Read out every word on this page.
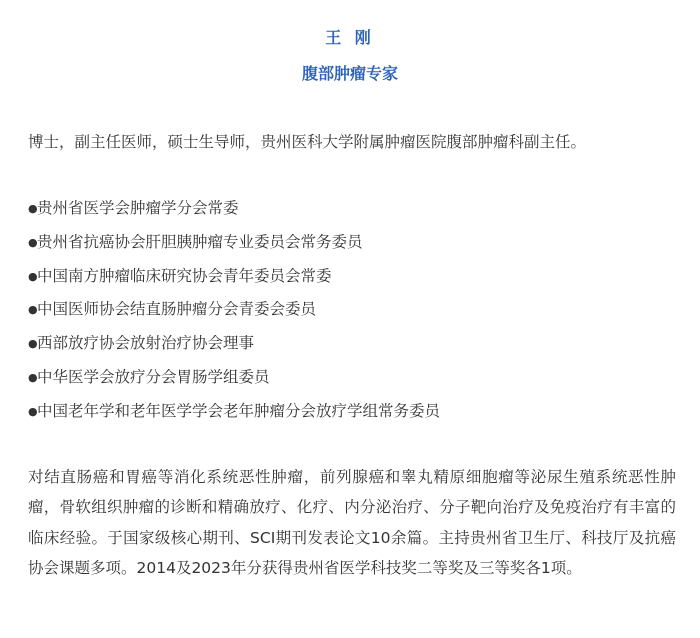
王 刚
腹部肿瘤专家
博士，副主任医师，硕士生导师，贵州医科大学附属肿瘤医院腹部肿瘤科副主任。
●贵州省医学会肿瘤学分会常委
●贵州省抗癌协会肝胆胰肿瘤专业委员会常务委员
●中国南方肿瘤临床研究协会青年委员会常委
●中国医师协会结直肠肿瘤分会青委会委员
●西部放疗协会放射治疗协会理事
●中华医学会放疗分会胃肠学组委员
●中国老年学和老年医学学会老年肿瘤分会放疗学组常务委员

对结直肠癌和胃癌等消化系统恶性肿瘤，前列腺癌和睾丸精原细胞瘤等泌尿生殖系统恶性肿瘤，骨软组织肿瘤的诊断和精确放疗、化疗、内分泌治疗、分子靶向治疗及免疫治疗有丰富的临床经验。于国家级核心期刊、SCI期刊发表论文10余篇。主持贵州省卫生厅、科技厅及抗癌协会课题多项。2014及2023年分获得贵州省医学科技奖二等奖及三等奖各1项。
